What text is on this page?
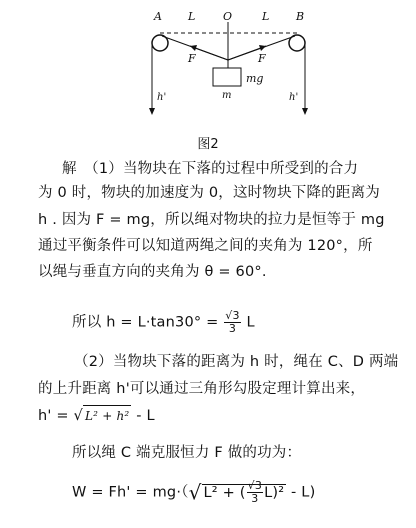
A L	O	L B
F	F
mg
m
h'	h'
图2
解　（1）当物块在下落的过程中所受到的合力
为 0 时，物块的加速度为 0，这时物块下降的距离为
h . 因为 F = mg，所以绳对物块的拉力是恒等于 mg
通过平衡条件可以知道两绳之间的夹角为 120°，所
以绳与垂直方向的夹角为 θ = 60°.
所以 $h = L\cdot\tan 30^\circ = \frac{√3}{3}$ L
（2）当物块下落的距离为 h 时，绳在 C、D 两端
的上升距离 h'可以通过三角形勾股定理计算出来，
h' = √ L² + h² - L
所以绳 C 端克服恒力 F 做的功为：
W = Fh' = mg·（√ L² + ( $\frac{√3}{3} L)^2 - L$)
